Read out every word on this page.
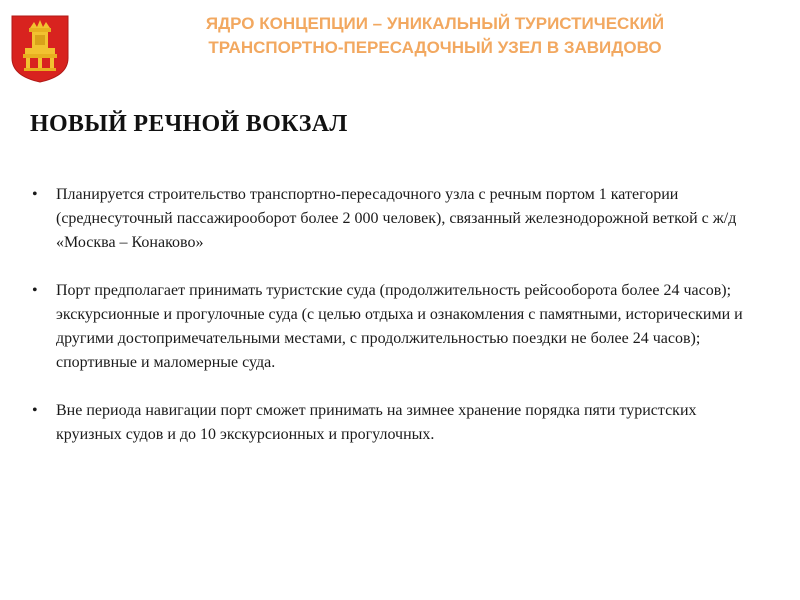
ЯДРО КОНЦЕПЦИИ – УНИКАЛЬНЫЙ ТУРИСТИЧЕСКИЙ
ТРАНСПОРТНО-ПЕРЕСАДОЧНЫЙ УЗЕЛ В ЗАВИДОВО
НОВЫЙ РЕЧНОЙ ВОКЗАЛ
• Планируется строительство транспортно-пересадочного узла с речным портом 1 категории (среднесуточный пассажирооборот более 2 000 человек), связанный железнодорожной веткой с ж/д «Москва – Конаково»
• Порт предполагает принимать туристские суда (продолжительность рейсооборота более 24 часов); экскурсионные и прогулочные суда (с целью отдыха и ознакомления с памятными, историческими и другими достопримечательными местами, с продолжительностью поездки не более 24 часов); спортивные и маломерные суда.
• Вне периода навигации порт сможет принимать на зимнее хранение порядка пяти туристских круизных судов и до 10 экскурсионных и прогулочных.
